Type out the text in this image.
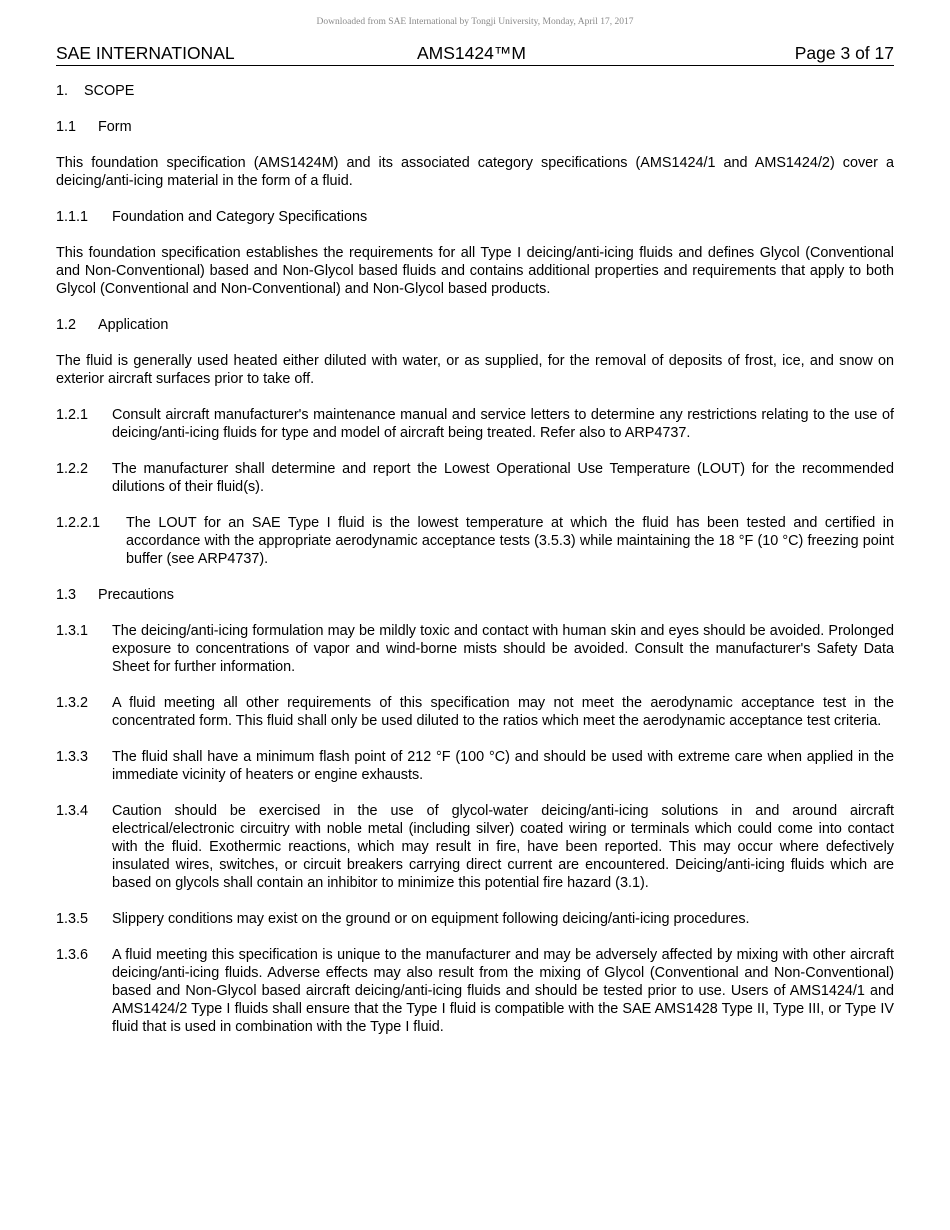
Downloaded from SAE International by Tongji University, Monday, April 17, 2017
SAE INTERNATIONAL	AMS1424™M	Page 3 of 17
1.	SCOPE
1.1	Form
This foundation specification (AMS1424M) and its associated category specifications (AMS1424/1 and AMS1424/2) cover a deicing/anti-icing material in the form of a fluid.
1.1.1	Foundation and Category Specifications
This foundation specification establishes the requirements for all Type I deicing/anti-icing fluids and defines Glycol (Conventional and Non-Conventional) based and Non-Glycol based fluids and contains additional properties and requirements that apply to both Glycol (Conventional and Non-Conventional) and Non-Glycol based products.
1.2	Application
The fluid is generally used heated either diluted with water, or as supplied, for the removal of deposits of frost, ice, and snow on exterior aircraft surfaces prior to take off.
1.2.1 Consult aircraft manufacturer's maintenance manual and service letters to determine any restrictions relating to the use of deicing/anti-icing fluids for type and model of aircraft being treated. Refer also to ARP4737.
1.2.2 The manufacturer shall determine and report the Lowest Operational Use Temperature (LOUT) for the recommended dilutions of their fluid(s).
1.2.2.1 The LOUT for an SAE Type I fluid is the lowest temperature at which the fluid has been tested and certified in accordance with the appropriate aerodynamic acceptance tests (3.5.3) while maintaining the 18 °F (10 °C) freezing point buffer (see ARP4737).
1.3	Precautions
1.3.1 The deicing/anti-icing formulation may be mildly toxic and contact with human skin and eyes should be avoided. Prolonged exposure to concentrations of vapor and wind-borne mists should be avoided. Consult the manufacturer's Safety Data Sheet for further information.
1.3.2 A fluid meeting all other requirements of this specification may not meet the aerodynamic acceptance test in the concentrated form. This fluid shall only be used diluted to the ratios which meet the aerodynamic acceptance test criteria.
1.3.3 The fluid shall have a minimum flash point of 212 °F (100 °C) and should be used with extreme care when applied in the immediate vicinity of heaters or engine exhausts.
1.3.4 Caution should be exercised in the use of glycol-water deicing/anti-icing solutions in and around aircraft electrical/electronic circuitry with noble metal (including silver) coated wiring or terminals which could come into contact with the fluid. Exothermic reactions, which may result in fire, have been reported. This may occur where defectively insulated wires, switches, or circuit breakers carrying direct current are encountered. Deicing/anti-icing fluids which are based on glycols shall contain an inhibitor to minimize this potential fire hazard (3.1).
1.3.5 Slippery conditions may exist on the ground or on equipment following deicing/anti-icing procedures.
1.3.6 A fluid meeting this specification is unique to the manufacturer and may be adversely affected by mixing with other aircraft deicing/anti-icing fluids. Adverse effects may also result from the mixing of Glycol (Conventional and Non-Conventional) based and Non-Glycol based aircraft deicing/anti-icing fluids and should be tested prior to use. Users of AMS1424/1 and AMS1424/2 Type I fluids shall ensure that the Type I fluid is compatible with the SAE AMS1428 Type II, Type III, or Type IV fluid that is used in combination with the Type I fluid.
